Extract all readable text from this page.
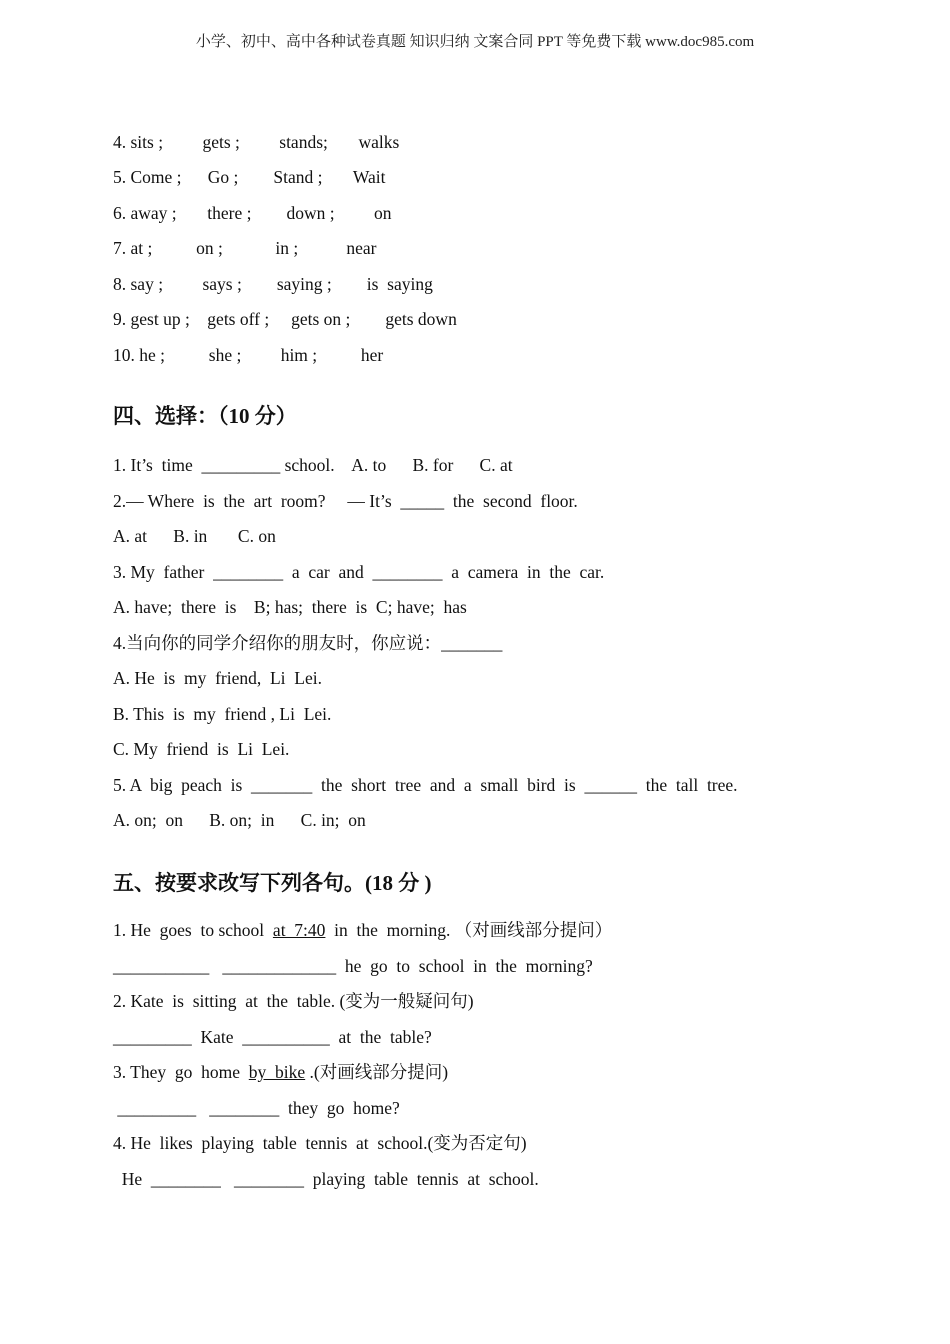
小学、初中、高中各种试卷真题 知识归纳 文案合同 PPT 等免费下载 www.doc985.com
4. sits ;         gets ;         stands;       walks
5. Come ;      Go ;        Stand ;       Wait
6. away ;       there ;        down ;         on
7. at ;          on ;            in ;           near
8. say ;         says ;        saying ;        is  saying
9. gest up ;    gets off ;     gets on ;        gets down
10. he ;          she ;         him ;          her
四、选择：（10 分）
1. It’s  time  _________ school.    A. to      B. for      C. at
2.— Where  is  the  art  room?     — It’s  _____  the  second  floor.
A. at      B. in       C. on
3. My  father  ________  a  car  and  ________  a  camera  in  the  car.
A. have;  there  is    B; has;  there  is  C; have;  has
4.当向你的同学介绍你的朋友时，你应说：_______
A. He  is  my  friend,  Li  Lei.
B. This  is  my  friend , Li  Lei.
C. My  friend  is  Li  Lei.
5. A  big  peach  is  _______  the  short  tree  and  a  small  bird  is  ______  the  tall  tree.
A. on;  on      B. on;  in      C. in;  on
五、按要求改写下列各句。(18 分 )
1. He  goes  to school  at  7:40  in  the  morning. （对画线部分提问）
___________   _____________  he  go  to  school  in  the  morning?
2. Kate  is  sitting  at  the  table. (变为一般疑问句)
_________  Kate  __________  at  the  table?
3. They  go  home  by  bike .(对画线部分提问)
_________   ________  they  go  home?
4. He  likes  playing  table  tennis  at  school.(变为否定句)
He  ________   ________  playing  table  tennis  at  school.
